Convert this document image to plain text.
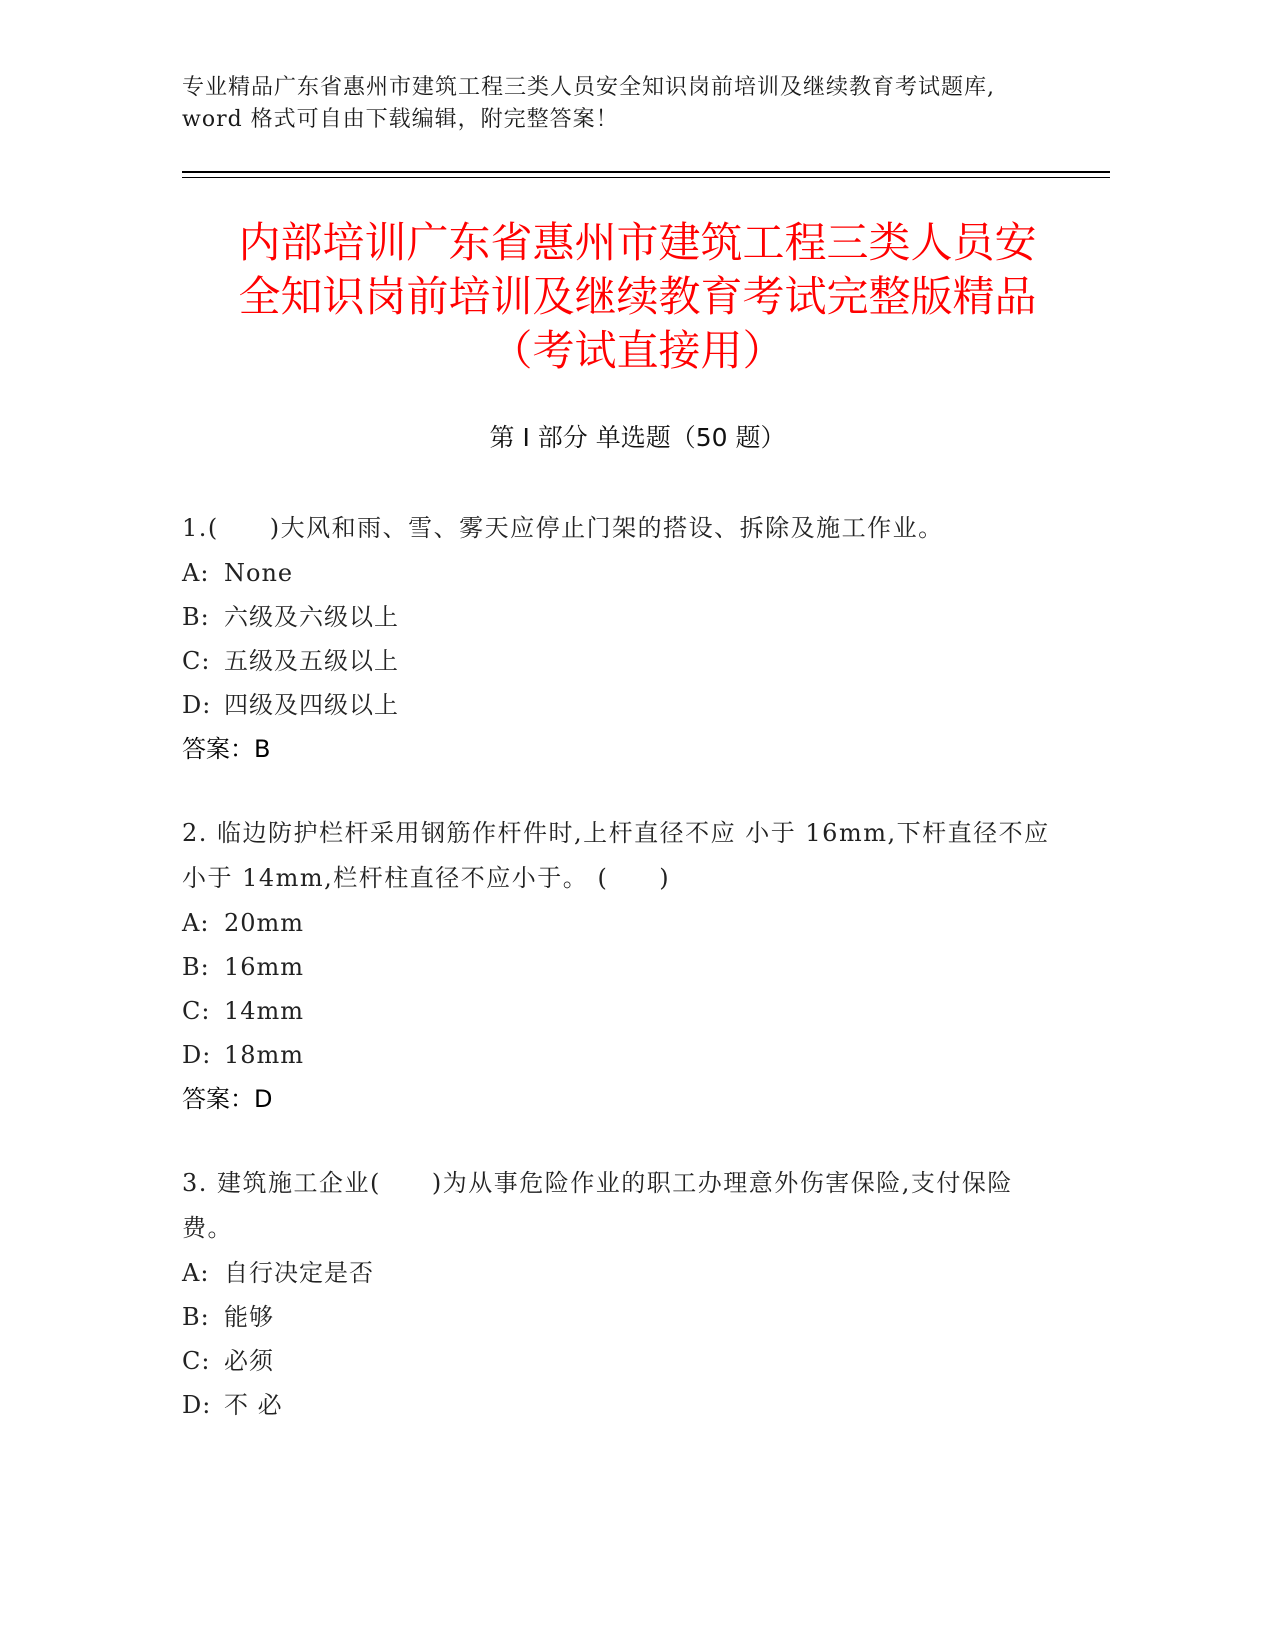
专业精品广东省惠州市建筑工程三类人员安全知识岗前培训及继续教育考试题库,
word 格式可自由下载编辑，附完整答案！
内部培训广东省惠州市建筑工程三类人员安
全知识岗前培训及继续教育考试完整版精品
（考试直接用）
第 I 部分 单选题（50 题）
1.(　　)大风和雨、雪、雾天应停止门架的搭设、拆除及施工作业。
A: None
B: 六级及六级以上
C: 五级及五级以上
D: 四级及四级以上
答案：B
2. 临边防护栏杆采用钢筋作杆件时,上杆直径不应 小于 16mm,下杆直径不应小于 14mm,栏杆柱直径不应小于。 (　　)
A: 20mm
B: 16mm
C: 14mm
D: 18mm
答案：D
3. 建筑施工企业(　　)为从事危险作业的职工办理意外伤害保险,支付保险费。
A: 自行决定是否
B: 能够
C: 必须
D: 不 必
